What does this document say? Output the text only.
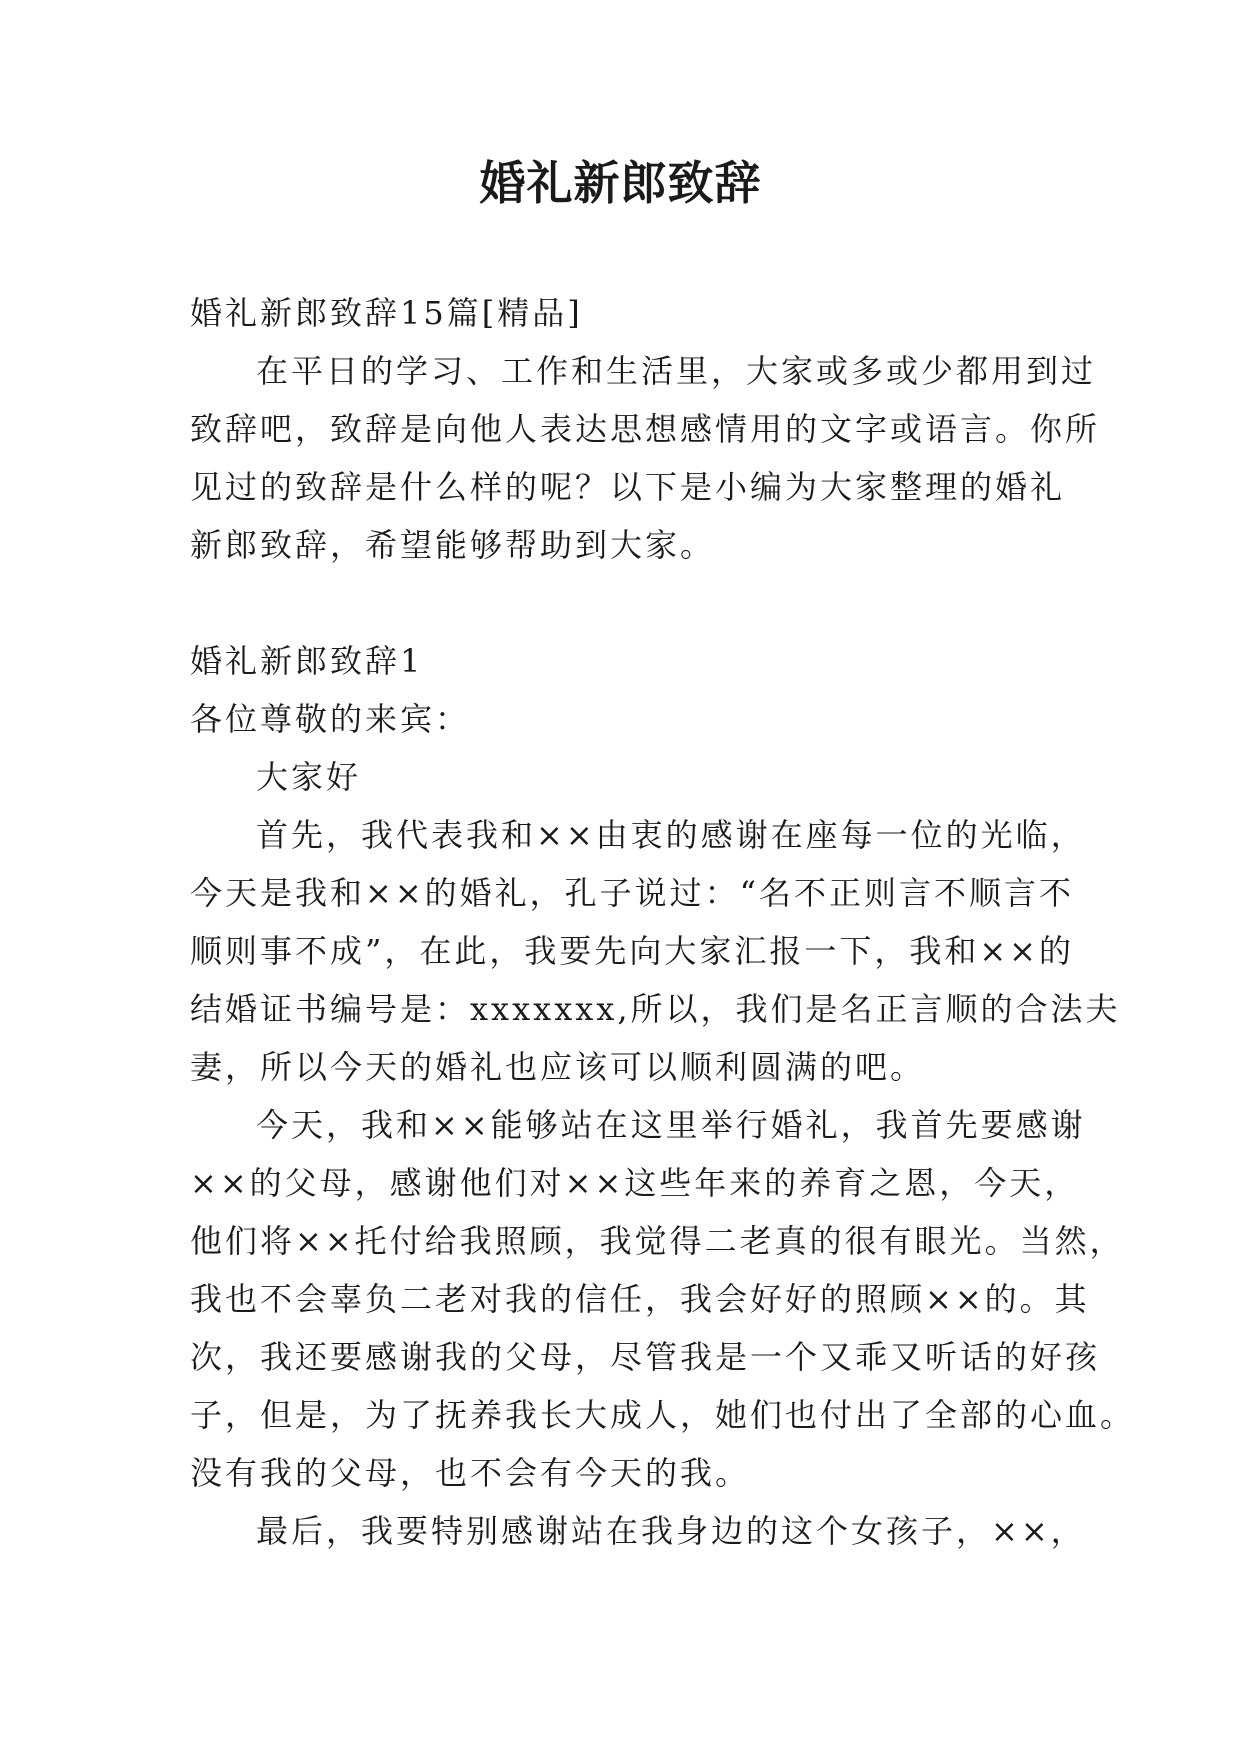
婚礼新郎致辞
婚礼新郎致辞15篇[精品]
在平日的学习、工作和生活里，大家或多或少都用到过
致辞吧，致辞是向他人表达思想感情用的文字或语言。你所
见过的致辞是什么样的呢？以下是小编为大家整理的婚礼
新郎致辞，希望能够帮助到大家。
婚礼新郎致辞1
各位尊敬的来宾：
大家好
首先，我代表我和××由衷的感谢在座每一位的光临，
今天是我和××的婚礼，孔子说过：“名不正则言不顺言不
顺则事不成”，在此，我要先向大家汇报一下，我和××的
结婚证书编号是：xxxxxxx,所以，我们是名正言顺的合法夫
妻，所以今天的婚礼也应该可以顺利圆满的吧。
今天，我和××能够站在这里举行婚礼，我首先要感谢
××的父母，感谢他们对××这些年来的养育之恩，今天，
他们将××托付给我照顾，我觉得二老真的很有眼光。当然，
我也不会辜负二老对我的信任，我会好好的照顾××的。其
次，我还要感谢我的父母，尽管我是一个又乖又听话的好孩
子，但是，为了抚养我长大成人，她们也付出了全部的心血。
没有我的父母，也不会有今天的我。
最后，我要特别感谢站在我身边的这个女孩子，××，
